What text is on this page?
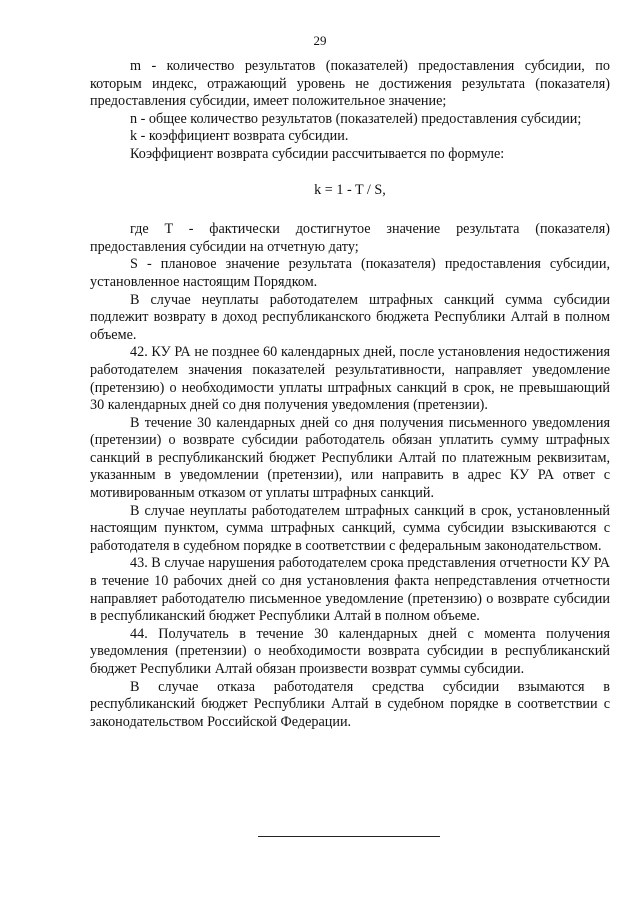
29

m - количество результатов (показателей) предоставления субсидии, по которым индекс, отражающий уровень не достижения результата (показателя) предоставления субсидии, имеет положительное значение;

n - общее количество результатов (показателей) предоставления субсидии;

k - коэффициент возврата субсидии.

Коэффициент возврата субсидии рассчитывается по формуле:

k = 1 - T / S,

где T - фактически достигнутое значение результата (показателя) предоставления субсидии на отчетную дату;

S - плановое значение результата (показателя) предоставления субсидии, установленное настоящим Порядком.

В случае неуплаты работодателем штрафных санкций сумма субсидии подлежит возврату в доход республиканского бюджета Республики Алтай в полном объеме.

42. КУ РА не позднее 60 календарных дней, после установления недостижения работодателем значения показателей результативности, направляет уведомление (претензию) о необходимости уплаты штрафных санкций в срок, не превышающий 30 календарных дней со дня получения уведомления (претензии).

В течение 30 календарных дней со дня получения письменного уведомления (претензии) о возврате субсидии работодатель обязан уплатить сумму штрафных санкций в республиканский бюджет Республики Алтай по платежным реквизитам, указанным в уведомлении (претензии), или направить в адрес КУ РА ответ с мотивированным отказом от уплаты штрафных санкций.

В случае неуплаты работодателем штрафных санкций в срок, установленный настоящим пунктом, сумма штрафных санкций, сумма субсидии взыскиваются с работодателя в судебном порядке в соответствии с федеральным законодательством.

43. В случае нарушения работодателем срока представления отчетности КУ РА в течение 10 рабочих дней со дня установления факта непредставления отчетности направляет работодателю письменное уведомление (претензию) о возврате субсидии в республиканский бюджет Республики Алтай в полном объеме.

44. Получатель в течение 30 календарных дней с момента получения уведомления (претензии) о необходимости возврата субсидии в республиканский бюджет Республики Алтай обязан произвести возврат суммы субсидии.

В случае отказа работодателя средства субсидии взымаются в республиканский бюджет Республики Алтай в судебном порядке в соответствии с законодательством Российской Федерации.
